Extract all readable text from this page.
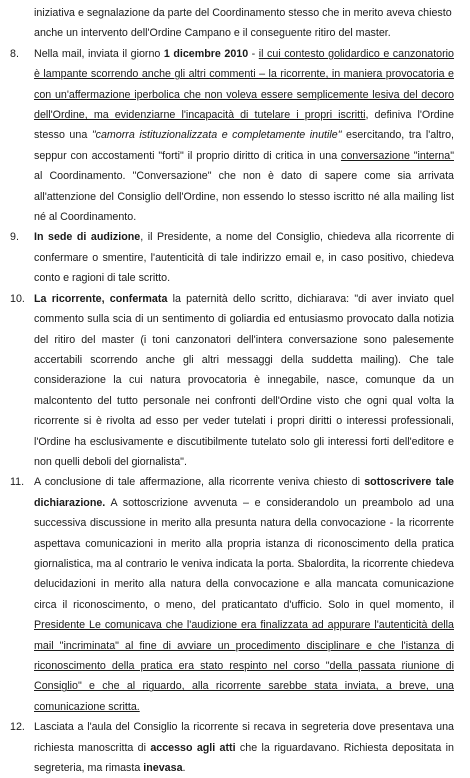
iniziativa e segnalazione da parte del Coordinamento stesso che in merito aveva chiesto
anche un intervento dell'Ordine Campano e il conseguente ritiro del master.
8.	Nella mail, inviata il giorno 1 dicembre 2010 - il cui contesto golidardico e canzonatorio è lampante scorrendo anche gli altri commenti – la ricorrente, in maniera provocatoria e con un'affermazione iperbolica che non voleva essere semplicemente lesiva del decoro dell'Ordine, ma evidenziarne l'incapacità di tutelare i propri iscritti, definiva l'Ordine stesso una "camorra istituzionalizzata e completamente inutile" esercitando, tra l'altro, seppur con accostamenti "forti" il proprio diritto di critica in una conversazione "interna" al Coordinamento. "Conversazione" che non è dato di sapere come sia arrivata all'attenzione del Consiglio dell'Ordine, non essendo lo stesso iscritto né alla mailing list né al Coordinamento.
9.	In sede di audizione, il Presidente, a nome del Consiglio, chiedeva alla ricorrente di confermare o smentire, l'autenticità di tale indirizzo email e, in caso positivo, chiedeva conto e ragioni di tale scritto.
10. La ricorrente, confermata la paternità dello scritto, dichiarava: "di aver inviato quel commento sulla scia di un sentimento di goliardia ed entusiasmo provocato dalla notizia del ritiro del master (i toni canzonatori dell'intera conversazione sono palesemente accertabili scorrendo anche gli altri messaggi della suddetta mailing). Che tale considerazione la cui natura provocatoria è innegabile, nasce, comunque da un malcontento del tutto personale nei confronti dell'Ordine visto che ogni qual volta la ricorrente si è rivolta ad esso per veder tutelati i propri diritti o interessi professionali, l'Ordine ha esclusivamente e discutibilmente tutelato solo gli interessi forti dell'editore e non quelli deboli del giornalista".
11. A conclusione di tale affermazione, alla ricorrente veniva chiesto di sottoscrivere tale dichiarazione. A sottoscrizione avvenuta – e considerandolo un preambolo ad una successiva discussione in merito alla presunta natura della convocazione - la ricorrente aspettava comunicazioni in merito alla propria istanza di riconoscimento della pratica giornalistica, ma al contrario le veniva indicata la porta. Sbalordita, la ricorrente chiedeva delucidazioni in merito alla natura della convocazione e alla mancata comunicazione circa il riconoscimento, o meno, del praticantato d'ufficio. Solo in quel momento, il Presidente Le comunicava che l'audizione era finalizzata ad appurare l'autenticità della mail "incriminata" al fine di avviare un procedimento disciplinare e che l'istanza di riconoscimento della pratica era stato respinto nel corso "della passata riunione di Consiglio" e che al riguardo, alla ricorrente sarebbe stata inviata, a breve, una comunicazione scritta.
12. Lasciata a l'aula del Consiglio la ricorrente si recava in segreteria dove presentava una richiesta manoscritta di accesso agli atti che la riguardavano. Richiesta depositata in segreteria, ma rimasta inevasa.
